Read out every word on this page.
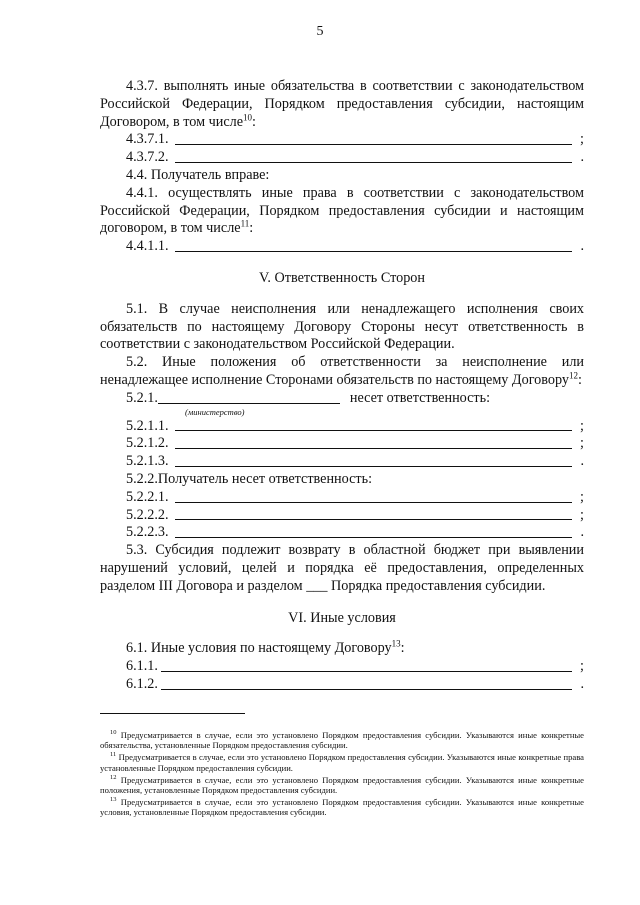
5

4.3.7. выполнять иные обязательства в соответствии с законодательством Российской Федерации, Порядком предоставления субсидии, настоящим Договором, в том числе$^{10}$:

4.3.7.1.	;
4.3.7.2.	.

4.4. Получатель вправе:

4.4.1. осуществлять иные права в соответствии с законодательством Российской Федерации, Порядком предоставления субсидии и настоящим договором, в том числе$^{11}$:

4.4.1.1.	.
V. Ответственность Сторон

5.1. В случае неисполнения или ненадлежащего исполнения своих обязательств по настоящему Договору Стороны несут ответственность в соответствии с законодательством Российской Федерации.

5.2. Иные положения об ответственности за неисполнение или ненадлежащее исполнение Сторонами обязательств по настоящему Договору$^{12}$:

5.2.1.	несет ответственность:
(министерство)
5.2.1.1.	;
5.2.1.2.	;
5.2.1.3.	.

5.2.2.Получатель несет ответственность:

5.2.2.1.	;
5.2.2.2.	;
5.2.2.3.	.

5.3. Субсидия подлежит возврату в областной бюджет при выявлении нарушений условий, целей и порядка её предоставления, определенных разделом III Договора и разделом ___ Порядка предоставления субсидии.

VI. Иные условия

6.1. Иные условия по настоящему Договору$^{13}$:

6.1.1.	;
6.1.2.	.

$^{10}$ Предусматривается в случае, если это установлено Порядком предоставления субсидии. Указываются иные конкретные обязательства, установленные Порядком предоставления субсидии.

$^{11}$ Предусматривается в случае, если это установлено Порядком предоставления субсидии. Указываются иные конкретные права установленные Порядком предоставления субсидии.

$^{12}$ Предусматривается в случае, если это установлено Порядком предоставления субсидии. Указываются иные конкретные положения, установленные Порядком предоставления субсидии.

$^{13}$ Предусматривается в случае, если это установлено Порядком предоставления субсидии. Указываются иные конкретные условия, установленные Порядком предоставления субсидии.
